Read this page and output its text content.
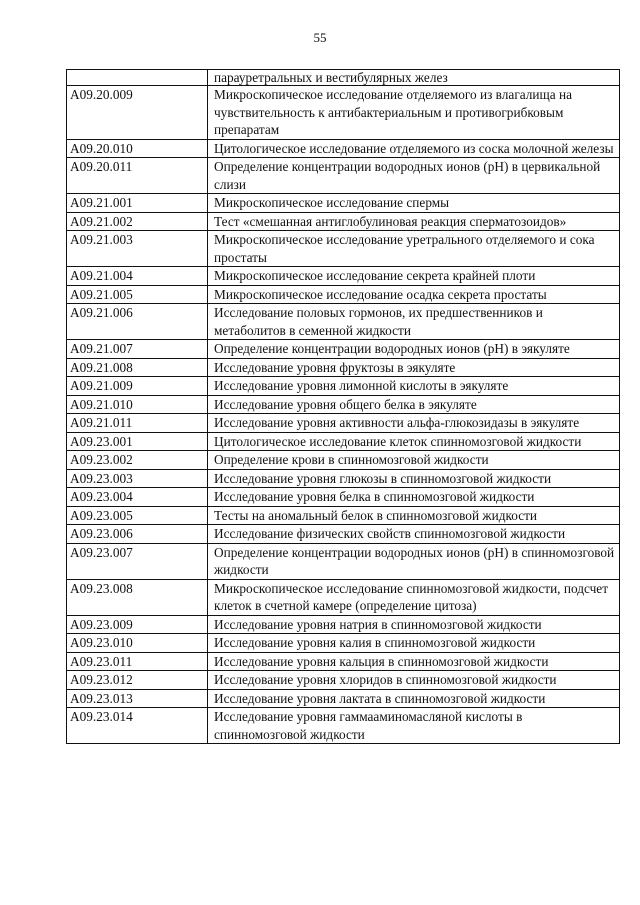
55
	парауретральных и вестибулярных желез
A09.20.009	Микроскопическое исследование отделяемого из влагалища на чувствительность к антибактериальным и противогрибковым препаратам
A09.20.010	Цитологическое исследование отделяемого из соска молочной железы
A09.20.011	Определение концентрации водородных ионов (рН) в цервикальной слизи
A09.21.001	Микроскопическое исследование спермы
A09.21.002	Тест «смешанная антиглобулиновая реакция сперматозоидов»
A09.21.003	Микроскопическое исследование уретрального отделяемого и сока простаты
A09.21.004	Микроскопическое исследование секрета крайней плоти
A09.21.005	Микроскопическое исследование осадка секрета простаты
A09.21.006	Исследование половых гормонов, их предшественников и метаболитов в семенной жидкости
A09.21.007	Определение концентрации водородных ионов (рН) в эякуляте
A09.21.008	Исследование уровня фруктозы в эякуляте
A09.21.009	Исследование уровня лимонной кислоты в эякуляте
A09.21.010	Исследование уровня общего белка в эякуляте
A09.21.011	Исследование уровня активности альфа-глюкозидазы в эякуляте
A09.23.001	Цитологическое исследование клеток спинномозговой жидкости
A09.23.002	Определение крови в спинномозговой жидкости
A09.23.003	Исследование уровня глюкозы в спинномозговой жидкости
A09.23.004	Исследование уровня белка в спинномозговой жидкости
A09.23.005	Тесты на аномальный белок в спинномозговой жидкости
A09.23.006	Исследование физических свойств спинномозговой жидкости
A09.23.007	Определение концентрации водородных ионов (рН) в спинномозговой жидкости
A09.23.008	Микроскопическое исследование спинномозговой жидкости, подсчет клеток в счетной камере (определение цитоза)
A09.23.009	Исследование уровня натрия в спинномозговой жидкости
A09.23.010	Исследование уровня калия в спинномозговой жидкости
A09.23.011	Исследование уровня кальция в спинномозговой жидкости
A09.23.012	Исследование уровня хлоридов в спинномозговой жидкости
A09.23.013	Исследование уровня лактата в спинномозговой жидкости
A09.23.014	Исследование уровня гаммааминомасляной кислоты в спинномозговой жидкости
